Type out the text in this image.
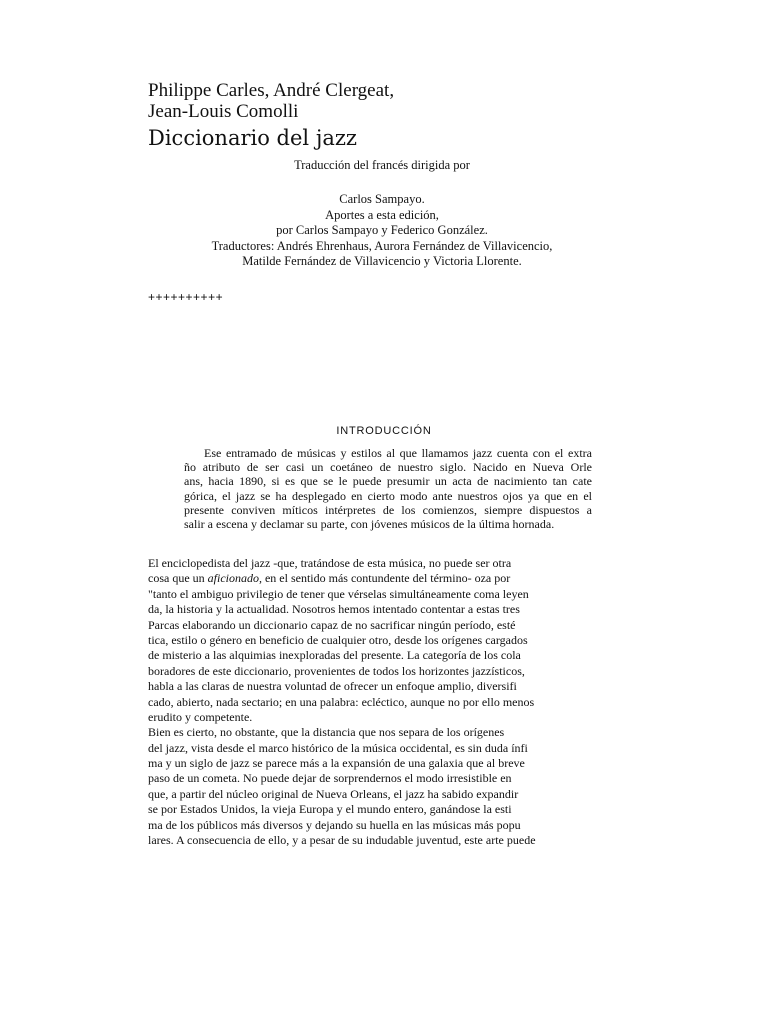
Philippe Carles, André Clergeat,
Jean-Louis Comolli
Diccionario del jazz
Traducción del francés dirigida por
Carlos Sampayo.
Aportes a esta edición,
por Carlos Sampayo y Federico González.
Traductores: Andrés Ehrenhaus, Aurora Fernández de Villavicencio,
Matilde Fernández de Villavicencio y Victoria Llorente.
++++++++++
INTRODUCCIÓN
Ese entramado de músicas y estilos al que llamamos jazz cuenta con el extra
ño atributo de ser casi un coetáneo de nuestro siglo. Nacido en Nueva Orle
ans, hacia 1890, si es que se le puede presumir un acta de nacimiento tan cate
górica, el jazz se ha desplegado en cierto modo ante nuestros ojos ya que en el
presente conviven míticos intérpretes de los comienzos, siempre dispuestos a
salir a escena y declamar su parte, con jóvenes músicos de la última hornada.
El enciclopedista del jazz -que, tratándose de esta música, no puede ser otra
cosa que un aficionado, en el sentido más contundente del término- oza por
"tanto el ambiguo privilegio de tener que vérselas simultáneamente coma leyen
da, la historia y la actualidad. Nosotros hemos intentado contentar a estas tres
Parcas elaborando un diccionario capaz de no sacrificar ningún período, esté
tica, estilo o género en beneficio de cualquier otro, desde los orígenes cargados
de misterio a las alquimias inexploradas del presente. La categoría de los cola
boradores de este diccionario, provenientes de todos los horizontes jazzísticos,
habla a las claras de nuestra voluntad de ofrecer un enfoque amplio, diversifi
cado, abierto, nada sectario; en una palabra: ecléctico, aunque no por ello menos
erudito y competente.
Bien es cierto, no obstante, que la distancia que nos separa de los orígenes
del jazz, vista desde el marco histórico de la música occidental, es sin duda ínfi
ma y un siglo de jazz se parece más a la expansión de una galaxia que al breve
paso de un cometa. No puede dejar de sorprendernos el modo irresistible en
que, a partir del núcleo original de Nueva Orleans, el jazz ha sabido expandir
se por Estados Unidos, la vieja Europa y el mundo entero, ganándose la esti
ma de los públicos más diversos y dejando su huella en las músicas más popu
lares. A consecuencia de ello, y a pesar de su indudable juventud, este arte puede
